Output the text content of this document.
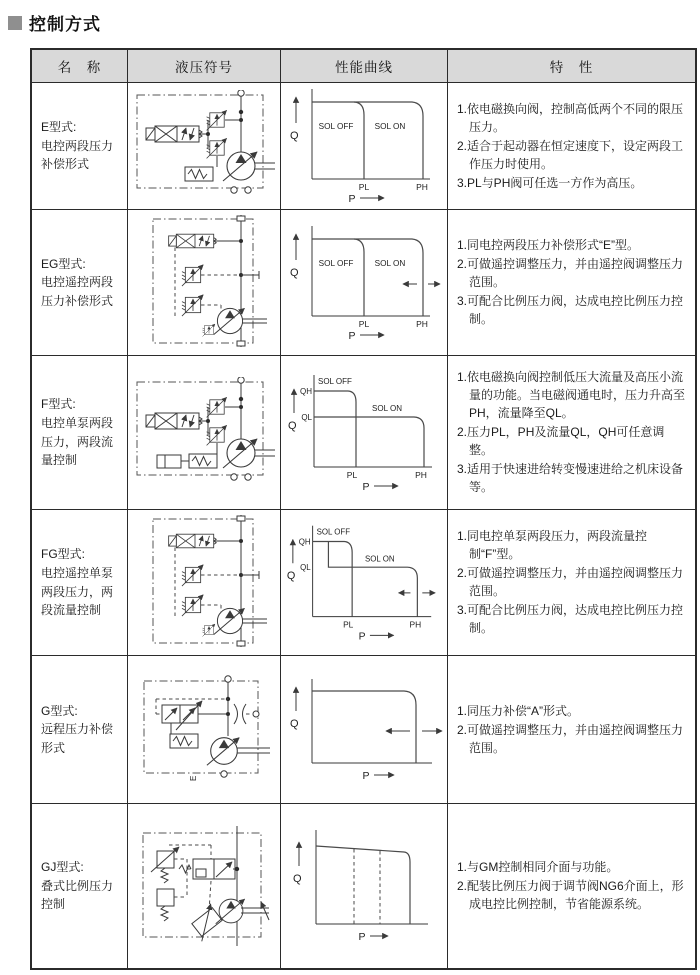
控制方式
名　称	液压符号	性能曲线	特　性
E型式:
电控两段压力补偿形式
Q
SOL OFF	SOL ON
PL	PH
P

1.依电磁换向阀，控制高低两个不同的限压压力。

2.适合于起动器在恒定速度下，设定两段工作压力时使用。

3.PL与PH阀可任选一方作为高压。

EG型式:
电控遥控两段压力补偿形式
Q
SOL OFF	SOL ON
PL	PH
P

1.同电控两段压力补偿形式“E”型。

2.可做遥控调整压力，并由遥控阀调整压力范围。

3.可配合比例压力阀，达成电控比例压力控制。

F型式:
电控单泵两段压力，两段流量控制
Q
QH
QL
SOL OFF
SOL ON
PL	PH
P

1.依电磁换向阀控制低压大流量及高压小流量的功能。当电磁阀通电时，压力升高至PH，流量降至QL。

2.压力PL，PH及流量QL，QH可任意调整。

3.适用于快速进给转变慢速进给之机床设备等。

FG型式:
电控遥控单泵两段压力，两段流量控制
Q
QH
QL
SOL OFF
SOL ON
PL	PH
P

1.同电控单泵两段压力，两段流量控制“F”型。

2.可做遥控调整压力，并由遥控阀调整压力范围。

3.可配合比例压力阀，达成电控比例压力控制。

G型式:
远程压力补偿形式
E
Q
P

1.同压力补偿“A”形式。

2.可做遥控调整压力，并由遥控阀调整压力范围。

GJ型式:
叠式比例压力控制
Q
P

1.与GM控制相同介面与功能。

2.配装比例压力阀于调节阀NG6介面上，形成电控比例控制，节省能源系统。
